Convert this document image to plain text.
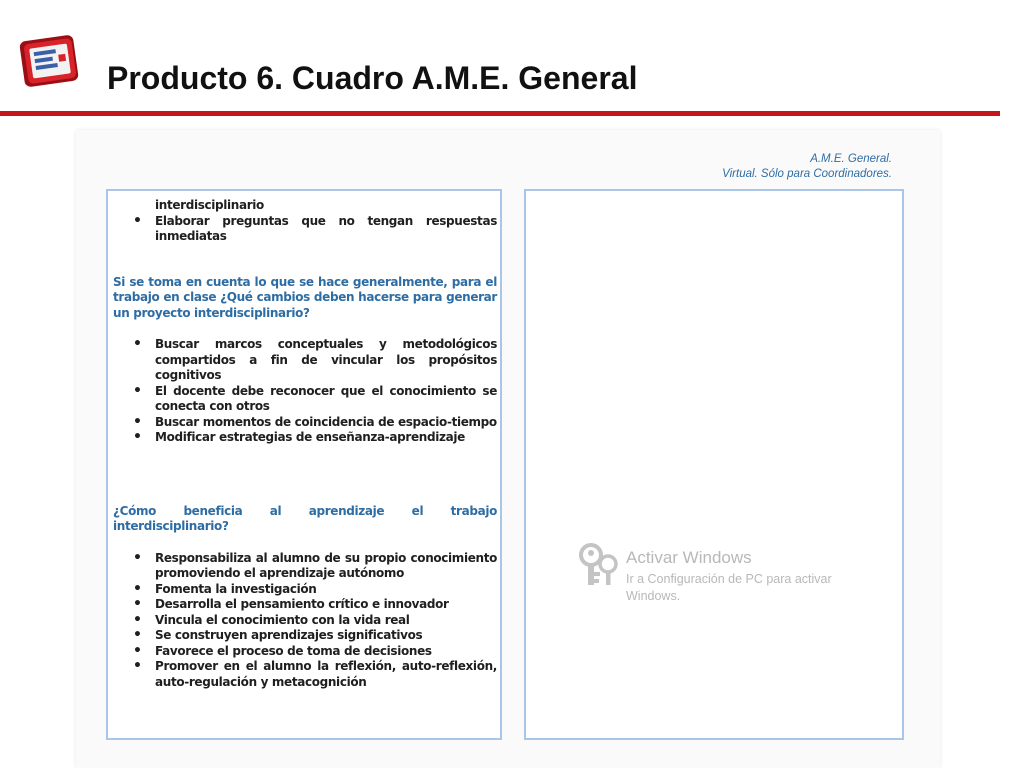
Producto 6. Cuadro A.M.E. General
A.M.E. General.
Virtual. Sólo para Coordinadores.
interdisciplinario
• Elaborar preguntas que no tengan respuestas inmediatas
Si se toma en cuenta lo que se hace generalmente, para el trabajo en clase ¿Qué cambios deben hacerse para generar un proyecto interdisciplinario?
• Buscar marcos conceptuales y metodológicos compartidos a fin de vincular los propósitos cognitivos
• El docente debe reconocer que el conocimiento se conecta con otros
• Buscar momentos de coincidencia de espacio-tiempo
• Modificar estrategias de enseñanza-aprendizaje
¿Cómo beneficia al aprendizaje el trabajo interdisciplinario?
• Responsabiliza al alumno de su propio conocimiento promoviendo el aprendizaje autónomo
• Fomenta la investigación
• Desarrolla el pensamiento crítico e innovador
• Vincula el conocimiento con la vida real
• Se construyen aprendizajes significativos
• Favorece el proceso de toma de decisiones
• Promover en el alumno la reflexión, auto-reflexión, auto-regulación y metacognición
Activar Windows
Ir a Configuración de PC para activar Windows.
